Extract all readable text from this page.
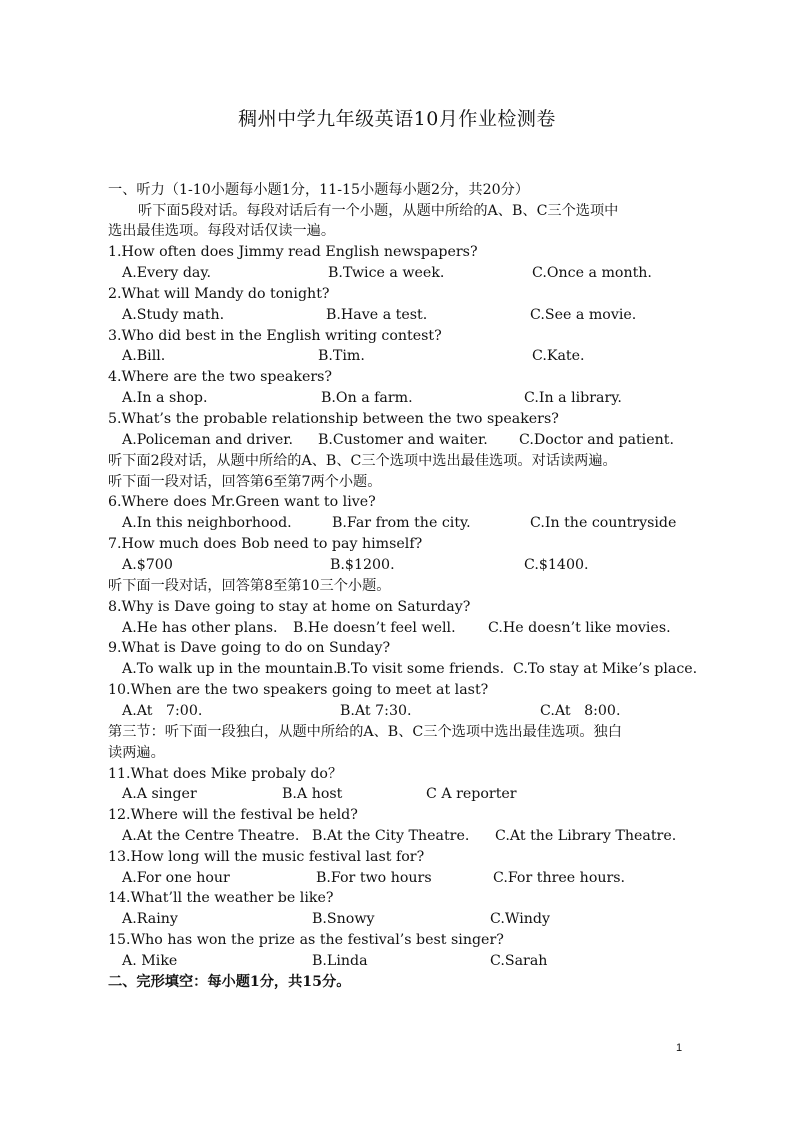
稠州中学九年级英语10月作业检测卷
一、听力（1-10小题每小题1分，11-15小题每小题2分，共20分）
听下面5段对话。每段对话后有一个小题，从题中所给的A、B、C三个选项中
选出最佳选项。每段对话仅读一遍。
1.How often does Jimmy read English newspapers?
A.Every day.	B.Twice a week.	C.Once a month.
2.What will Mandy do tonight?
A.Study math.	B.Have a test.	C.See a movie.
3.Who did best in the English writing contest?
A.Bill.	B.Tim.	C.Kate.
4.Where are the two speakers?
A.In a shop.	B.On a farm.	C.In a library.
5.What’s the probable relationship between the two speakers?
A.Policeman and driver. B.Customer and waiter. C.Doctor and patient.
听下面2段对话，从题中所给的A、B、C三个选项中选出最佳选项。对话读两遍。
听下面一段对话，回答第6至第7两个小题。
6.Where does Mr.Green want to live?
A.In this neighborhood.	B.Far from the city.	C.In the countryside
7.How much does Bob need to pay himself?
A.$700	B.$1200.	C.$1400.
听下面一段对话，回答第8至第10三个小题。
8.Why is Dave going to stay at home on Saturday?
A.He has other plans. B.He doesn’t feel well. C.He doesn’t like movies.
9.What is Dave going to do on Sunday?
A.To walk up in the mountain.
B.To visit some friends. C.To stay at Mike’s place.
10.When are the two speakers going to meet at last?
A.At   7:00.	B.At 7:30.	C.At   8:00.
第三节：听下面一段独白，从题中所给的A、B、C三个选项中选出最佳选项。独白
读两遍。
11.What does Mike probaly do？
A.A singer	B.A host	C A reporter
12.Where will the festival be held?
A.At the Centre Theatre. B.At the City Theatre. C.At the Library Theatre.
13.How long will the music festival last for?
A.For one hour	B.For two hours	C.For three hours.
14.What’ll the weather be like?
A.Rainy	B.Snowy	C.Windy
15.Who has won the prize as the festival’s best singer?
A. Mike	B.Linda	C.Sarah
二、完形填空：每小题1分，共15分。
1
